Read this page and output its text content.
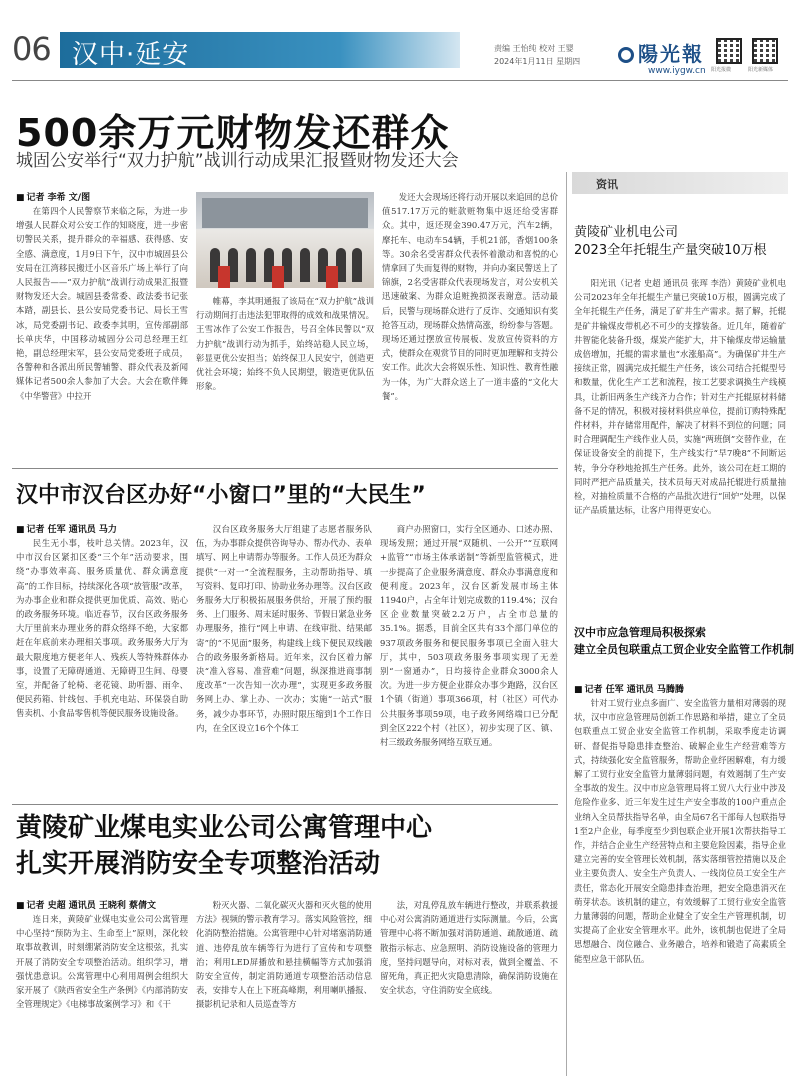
06 汉中·延安	责编 王怡纯 校对 王婴
2024年1月11日 星期四	陽光報
www.iygw.cn 阳光报微	阳光新媒体
500余万元财物发还群众
城固公安举行“双力护航”战训行动成果汇报暨财物发还大会
■ 记者 李希 文/图

在第四个人民警察节来临之际，为进一步增强人民群众对公安工作的知晓度，进一步密切警民关系，提升群众的幸福感、获得感、安全感、满意度，1月9日下午，汉中市城固县公安局在江湾移民搬迁小区音乐广场上举行了向人民报告——“双力护航”战训行动成果汇报暨财物发还大会。城固县委常委、政法委书记张本踏，副县长、县公安局党委书记、局长王雪冰，局党委副书记、政委李其明，宣传部副部长单庆华，中国移动城固分公司总经理王红艳，副总经理宋军，县公安局党委班子成员，各警种和各派出所民警辅警、群众代表及新闻媒体记者500余人参加了大会。大会在歌伴舞《中华警营》中拉开

帷幕，李其明通报了该局在“双力护航”战训行动期间打击违法犯罪取得的成效和战果情况。王雪冰作了公安工作报告，号召全体民警以“双力护航”战训行动为抓手，始终站稳人民立场，彰显更优公安担当；始终保卫人民安宁，创造更优社会环境；始终不负人民期望，锻造更优队伍形象。

发还大会现场还将行动开展以来追回的总价值517.17万元的赃款赃物集中返还给受害群众。其中，返还现金390.47万元，汽车2辆，摩托车、电动车54辆，手机21部，香烟100条等。30余名受害群众代表怀着激动和喜悦的心情拿回了失而复得的财物，并向办案民警送上了锦旗，2名受害群众代表现场发言，对公安机关迅速破案、为群众追赃挽损深表谢意。活动最后，民警与现场群众进行了反诈、交通知识有奖抢答互动，现场群众热情高涨，纷纷参与答题。现场还通过摆放宣传展板、发放宣传资料的方式，使群众在观赏节目的同时更加理解和支持公安工作。此次大会将娱乐性、知识性、教育性融为一体，为广大群众送上了一道丰盛的“文化大餐”。

汉中市汉台区办好“小窗口”里的“大民生”
■ 记者 任军 通讯员 马力

民生无小事，枝叶总关情。2023年，汉中市汉台区紧扣区委“三个年”活动要求，围绕“办事效率高、服务质量优、群众满意度高”的工作目标，持续深化各项“放管服”改革，为办事企业和群众提供更加优质、高效、贴心的政务服务环境。临近春节，汉台区政务服务大厅里前来办理业务的群众络绎不绝，大家都赶在年底前来办理相关事项。政务服务大厅为最大限度地方便老年人、残疾人等特殊群体办事，设置了无障碍通道、无障碍卫生间、母婴室，并配备了轮椅、老花镜、助听器、雨伞、便民药箱、针线包、手机充电站、环保袋自助售卖机、小食品零售机等便民服务设施设备。

汉台区政务服务大厅组建了志愿者服务队伍，为办事群众提供咨询导办、帮办代办、表单填写、网上申请帮办等服务。工作人员还为群众提供“一对一”全流程服务，主动帮助指导、填写资料、复印打印、协助业务办理等。汉台区政务服务大厅积极拓展服务供给，开展了预约服务、上门服务、周末延时服务、节假日紧急业务办理服务，推行“网上申请、在线审批、结果邮寄”的“不见面”服务，构建线上线下便民双线融合的政务服务新格局。近年来，汉台区着力解决“准入容易、准营难”问题，纵深推进商事制度改革“一次告知一次办理”，实现更多政务服务网上办、掌上办、一次办；实施“一站式”服务，减少办事环节，办照时限压缩到1个工作日内，在全区设立16个个体工

商户办照窗口，实行全区通办、口述办照、现场发照；通过开展“双随机、一公开”“互联网+监管”“市场主体承诺制”等新型监管模式，进一步提高了企业服务满意度、群众办事满意度和便利度。2023年，汉台区新发展市场主体11940户，占全年计划完成数的119.4%；汉台区企业数量突破2.2万户，占全市总量的35.1%。据悉，目前全区共有33个部门单位的937项政务服务和便民服务事项已全面入驻大厅，其中，503项政务服务事项实现了无差别“一窗通办”，日均接待企业群众3000余人次。为进一步方便企业群众办事少跑路，汉台区1个镇（街道）事项366项，村（社区）可代办公共服务事项59项，电子政务网络端口已分配到全区222个村（社区），初步实现了区、镇、村三级政务服务网络互联互通。

黄陵矿业煤电实业公司公寓管理中心
扎实开展消防安全专项整治活动
■ 记者 史超 通讯员 王晓利 蔡倩文

连日来，黄陵矿业煤电实业公司公寓管理中心坚持“预防为主、生命至上”原则，深化较取事故教训，时刻绷紧消防安全这根弦，扎实开展了消防安全专项整治活动。组织学习，增强忧患意识。公寓管理中心利用周例会组织大家开展了《陕西省安全生产条例》《内部消防安全管理规定》《电梯事故案例学习》和《干

粉灭火器、二氧化碳灭火器和灭火毯的使用方法》视频的警示教育学习。落实风险管控，细化消防整治措施。公寓管理中心针对堵塞消防通道、违停乱放车辆等行为进行了宣传和专项整治；利用LED屏播放和悬挂横幅等方式加强消防安全宣传，制定消防通道专项整治活动信息表，安排专人在上下班高峰期，利用喇叭播报、摄影机记录和人员巡查等方

法，对乱停乱放车辆进行整改，并联系救援中心对公寓消防通道进行实际测量。今后，公寓管理中心将不断加强对消防通道、疏散通道、疏散指示标志、应急照明、消防设施设备的管理力度，坚持问题导向，对标对表，做到全覆盖、不留死角，真正把火灾隐患清除，确保消防设施在安全状态，守住消防安全底线。

资讯
黄陵矿业机电公司
2023全年托辊生产量突破10万根

阳光讯（记者 史超 通讯员 张珲 李浩）黄陵矿业机电公司2023年全年托辊生产量已突破10万根，圆满完成了全年托辊生产任务，满足了矿井生产需求。据了解，托辊是矿井输煤皮带机必不可少的支撑装备。近几年，随着矿井智能化装备升级，煤炭产能扩大，井下输煤皮带运输量成倍增加，托辊的需求量也“水涨船高”。为确保矿井生产接续正常，圆满完成托辊生产任务，该公司结合托辊型号和数量，优化生产工艺和流程，按工艺要求调换生产线模具，让新旧两条生产线齐力合作；针对生产托辊原材料储备不足的情况，积极对接材料供应单位，提前订购特殊配件材料，并存储常用配件，解决了材料不到位的问题；同时合理调配生产线作业人员，实施“两班倒”交替作业，在保证设备安全的前提下，生产线实行“早7晚8”不间断运转，争分夺秒地抢抓生产任务。此外，该公司在赶工期的同时严把产品质量关，技术员每天对成品托辊进行质量抽检，对抽检质量不合格的产品批次进行“回炉”处理，以保证产品质量达标，让客户用得更安心。

汉中市应急管理局积极探索
建立全员包联重点工贸企业安全监管工作机制
■ 记者 任军 通讯员 马腾腾

针对工贸行业点多面广、安全监管力量相对薄弱的现状，汉中市应急管理局创新工作思路和举措，建立了全员包联重点工贸企业安全监管工作机制，采取季度走访调研、督促指导隐患排查整治、破解企业生产经营难等方式，持续强化安全监管服务，帮助企业纾困解难，有力缓解了工贸行业安全监管力量薄弱问题，有效遏制了生产安全事故的发生。汉中市应急管理局将工贸八大行业中涉及危险作业多、近三年发生过生产安全事故的100户重点企业纳入全员帮扶指导名单，由全局67名干部每人包联指导1至2户企业，每季度至少到包联企业开展1次帮扶指导工作，并结合企业生产经营特点和主要危险因素，指导企业建立完善的安全管理长效机制，落实落细管控措施以及企业主要负责人、安全生产负责人、一线岗位员工安全生产责任，常态化开展安全隐患排查治理，把安全隐患消灭在萌芽状态。该机制的建立，有效缓解了工贸行业安全监管力量薄弱的问题，帮助企业健全了安全生产管理机制，切实提高了企业安全管理水平。此外，该机制也促进了全局思想融合、岗位融合、业务融合，培养和锻造了高素质全能型应急干部队伍。
